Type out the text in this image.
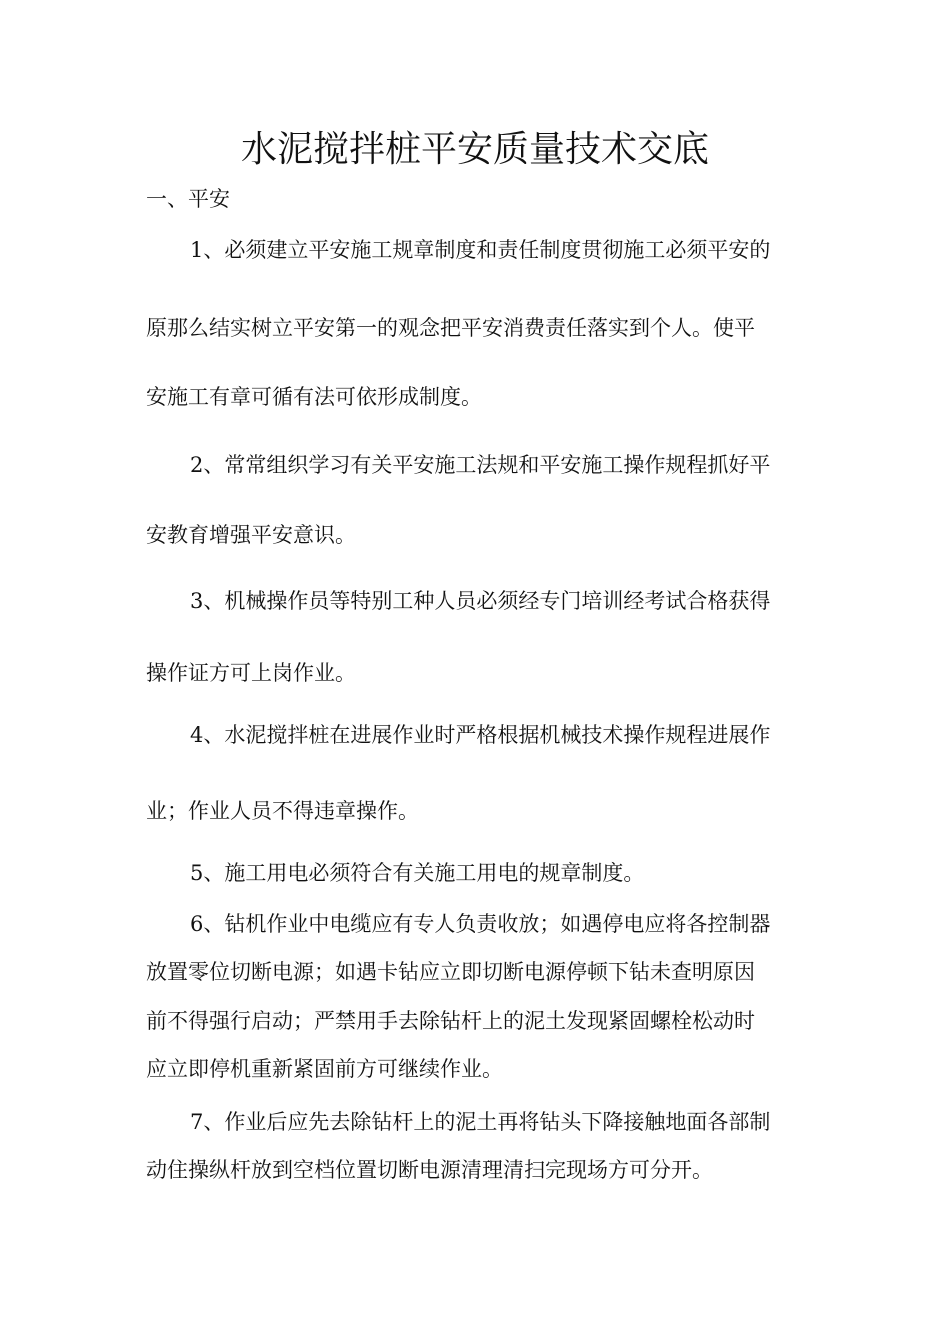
水泥搅拌桩平安质量技术交底
一、平安
1、必须建立平安施工规章制度和责任制度贯彻施工必须平安的
原那么结实树立平安第一的观念把平安消费责任落实到个人。使平
安施工有章可循有法可依形成制度。
2、常常组织学习有关平安施工法规和平安施工操作规程抓好平
安教育增强平安意识。
3、机械操作员等特别工种人员必须经专门培训经考试合格获得
操作证方可上岗作业。
4、水泥搅拌桩在进展作业时严格根据机械技术操作规程进展作
业；作业人员不得违章操作。
5、施工用电必须符合有关施工用电的规章制度。
6、钻机作业中电缆应有专人负责收放；如遇停电应将各控制器
放置零位切断电源；如遇卡钻应立即切断电源停顿下钻未查明原因
前不得强行启动；严禁用手去除钻杆上的泥土发现紧固螺栓松动时
应立即停机重新紧固前方可继续作业。
7、作业后应先去除钻杆上的泥土再将钻头下降接触地面各部制
动住操纵杆放到空档位置切断电源清理清扫完现场方可分开。
